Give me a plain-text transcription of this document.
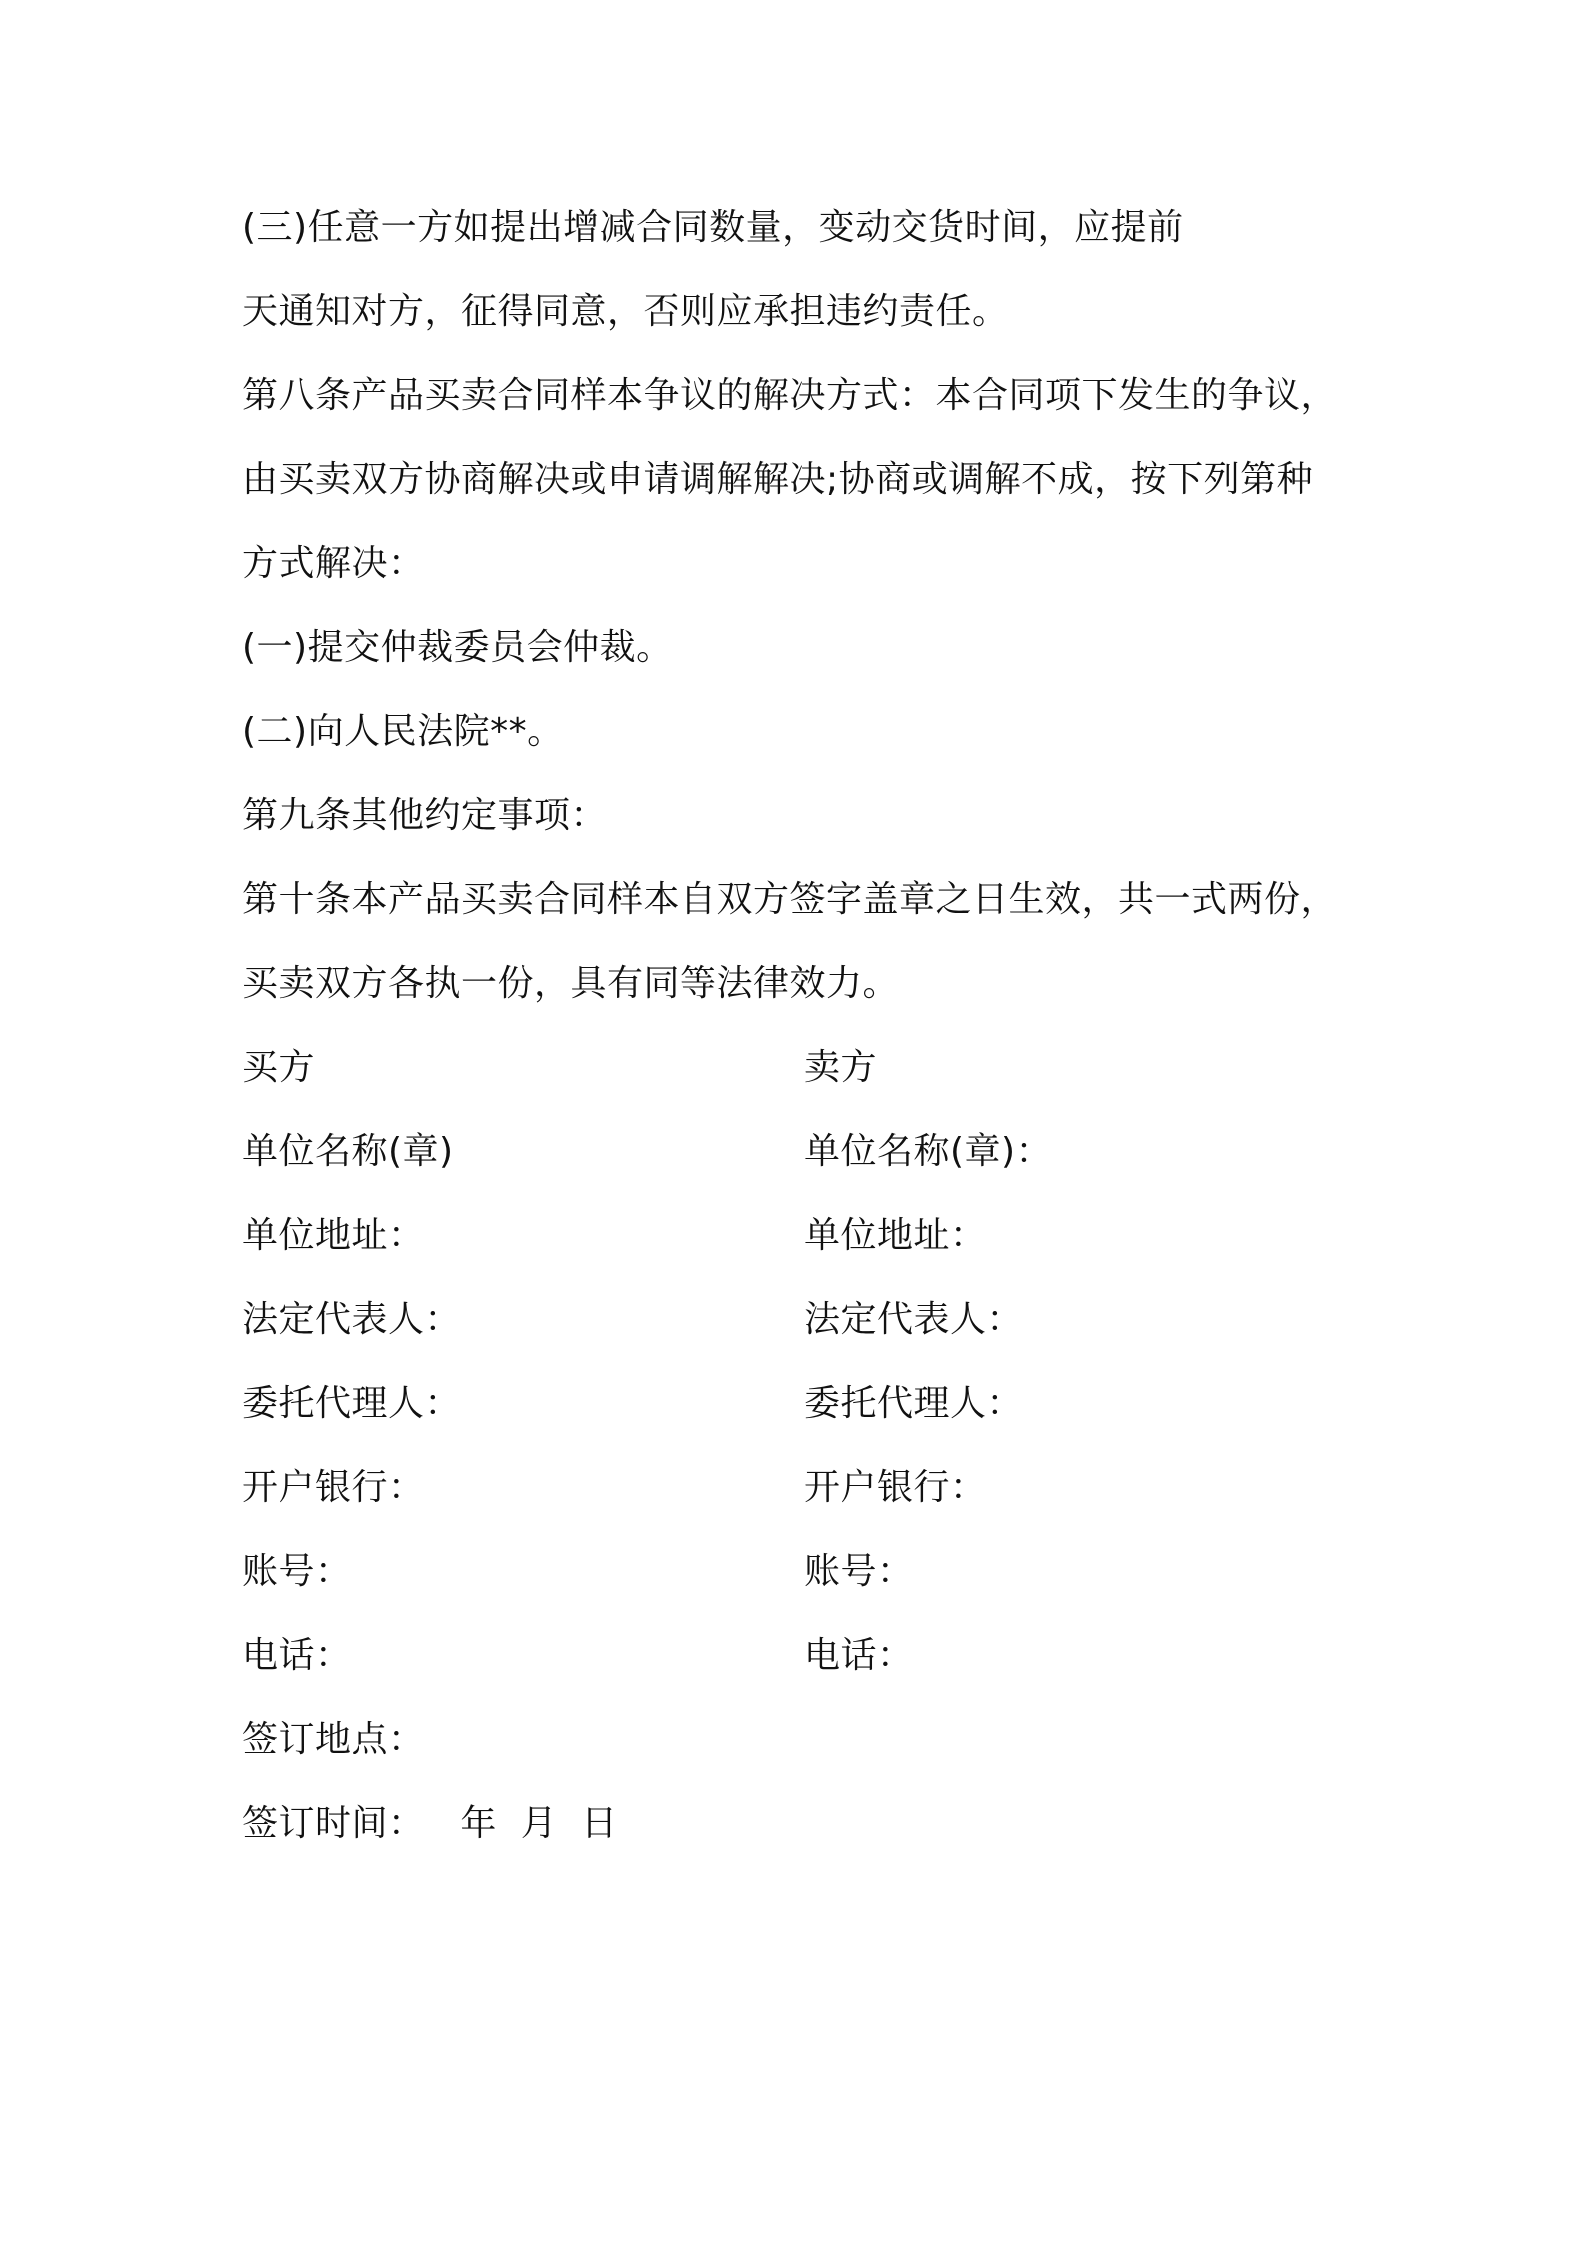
(三)任意一方如提出增减合同数量，变动交货时间，应提前
天通知对方，征得同意，否则应承担违约责任。
第八条产品买卖合同样本争议的解决方式：本合同项下发生的争议，
由买卖双方协商解决或申请调解解决;协商或调解不成，按下列第种
方式解决：
(一)提交仲裁委员会仲裁。
(二)向人民法院**。
第九条其他约定事项：
第十条本产品买卖合同样本自双方签字盖章之日生效，共一式两份，
买卖双方各执一份，具有同等法律效力。
买方	卖方
单位名称(章)	单位名称(章)：
单位地址：	单位地址：
法定代表人：	法定代表人：
委托代理人：	委托代理人：
开户银行：	开户银行：
账号：	账号：
电话：	电话：
签订地点：
签订时间：   年  月  日
